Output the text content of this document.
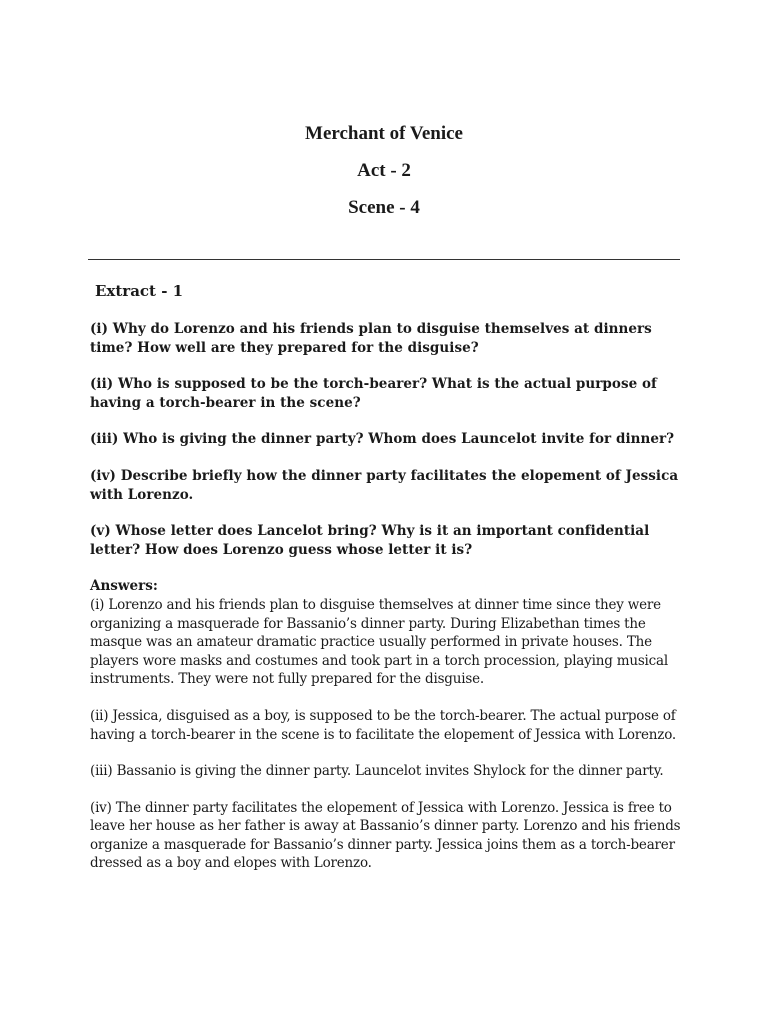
Merchant of Venice
Act - 2
Scene - 4
Extract - 1

(i) Why do Lorenzo and his friends plan to disguise themselves at dinners time? How well are they prepared for the disguise?

(ii) Who is supposed to be the torch-bearer? What is the actual purpose of having a torch-bearer in the scene?

(iii) Who is giving the dinner party? Whom does Launcelot invite for dinner?

(iv) Describe briefly how the dinner party facilitates the elopement of Jessica with Lorenzo.

(v) Whose letter does Lancelot bring? Why is it an important confidential letter? How does Lorenzo guess whose letter it is?

Answers:

(i) Lorenzo and his friends plan to disguise themselves at dinner time since they were organizing a masquerade for Bassanio’s dinner party. During Elizabethan times the masque was an amateur dramatic practice usually performed in private houses. The players wore masks and costumes and took part in a torch procession, playing musical instruments. They were not fully prepared for the disguise.

(ii) Jessica, disguised as a boy, is supposed to be the torch-bearer. The actual purpose of having a torch-bearer in the scene is to facilitate the elopement of Jessica with Lorenzo.

(iii) Bassanio is giving the dinner party. Launcelot invites Shylock for the dinner party.

(iv) The dinner party facilitates the elopement of Jessica with Lorenzo. Jessica is free to leave her house as her father is away at Bassanio’s dinner party. Lorenzo and his friends organize a masquerade for Bassanio’s dinner party. Jessica joins them as a torch-bearer dressed as a boy and elopes with Lorenzo.
